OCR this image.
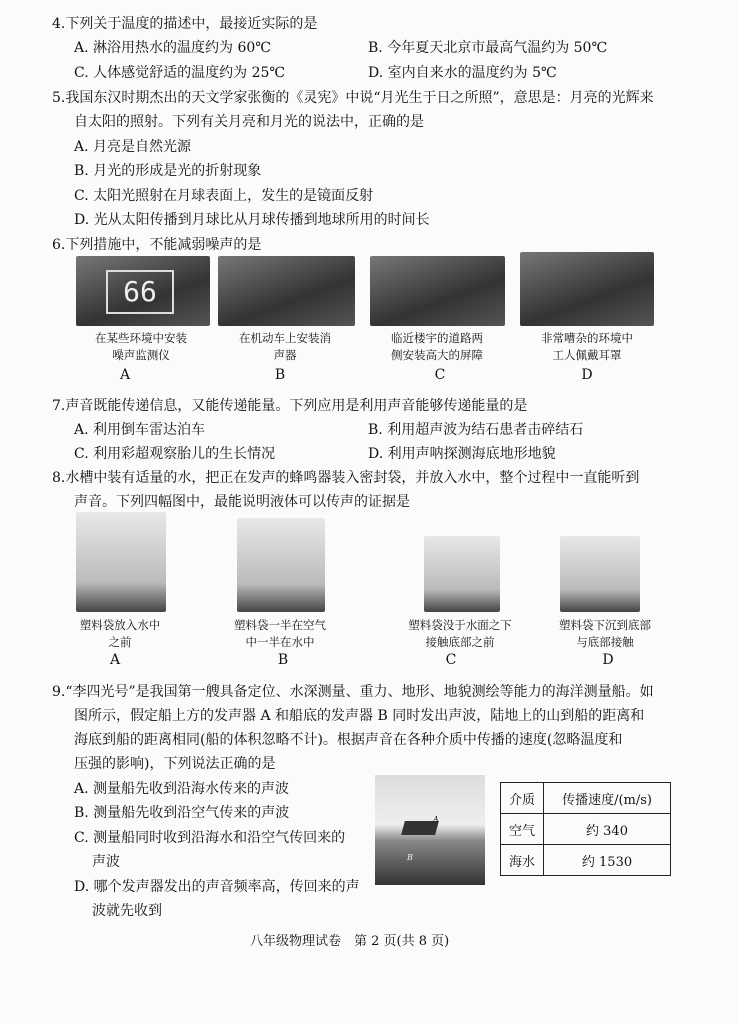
4.下列关于温度的描述中，最接近实际的是
A. 淋浴用热水的温度约为 60℃	B. 今年夏天北京市最高气温约为 50℃
C. 人体感觉舒适的温度约为 25℃	D. 室内自来水的温度约为 5℃
5.我国东汉时期杰出的天文学家张衡的《灵宪》中说“月光生于日之所照”，意思是：月亮的光辉来
自太阳的照射。下列有关月亮和月光的说法中，正确的是
A. 月亮是自然光源
B. 月光的形成是光的折射现象
C. 太阳光照射在月球表面上，发生的是镜面反射
D. 光从太阳传播到月球比从月球传播到地球所用的时间长
6.下列措施中，不能减弱噪声的是
66
在某些环境中安装
噪声监测仪
在机动车上安装消
声器
临近楼宇的道路两
侧安装高大的屏障
非常嘈杂的环境中
工人佩戴耳罩
A	B	C	D
7.声音既能传递信息，又能传递能量。下列应用是利用声音能够传递能量的是
A. 利用倒车雷达泊车	B. 利用超声波为结石患者击碎结石
C. 利用彩超观察胎儿的生长情况	D. 利用声呐探测海底地形地貌
8.水槽中装有适量的水，把正在发声的蜂鸣器装入密封袋，并放入水中，整个过程中一直能听到
声音。下列四幅图中，最能说明液体可以传声的证据是
塑料袋放入水中
之前
塑料袋一半在空气
中一半在水中
塑料袋没于水面之下
接触底部之前
塑料袋下沉到底部
与底部接触
A	B	C	D
9.“李四光号”是我国第一艘具备定位、水深测量、重力、地形、地貌测绘等能力的海洋测量船。如
图所示，假定船上方的发声器 A 和船底的发声器 B 同时发出声波，陆地上的山到船的距离和
海底到船的距离相同(船的体积忽略不计)。根据声音在各种介质中传播的速度(忽略温度和
压强的影响)，下列说法正确的是
A. 测量船先收到沿海水传来的声波
B. 测量船先收到沿空气传来的声波
C. 测量船同时收到沿海水和沿空气传回来的
声波
D. 哪个发声器发出的声音频率高，传回来的声
波就先收到
A
B
介质	传播速度/(m/s)
空气	约 340
海水	约 1530
八年级物理试卷　第 2 页(共 8 页)
